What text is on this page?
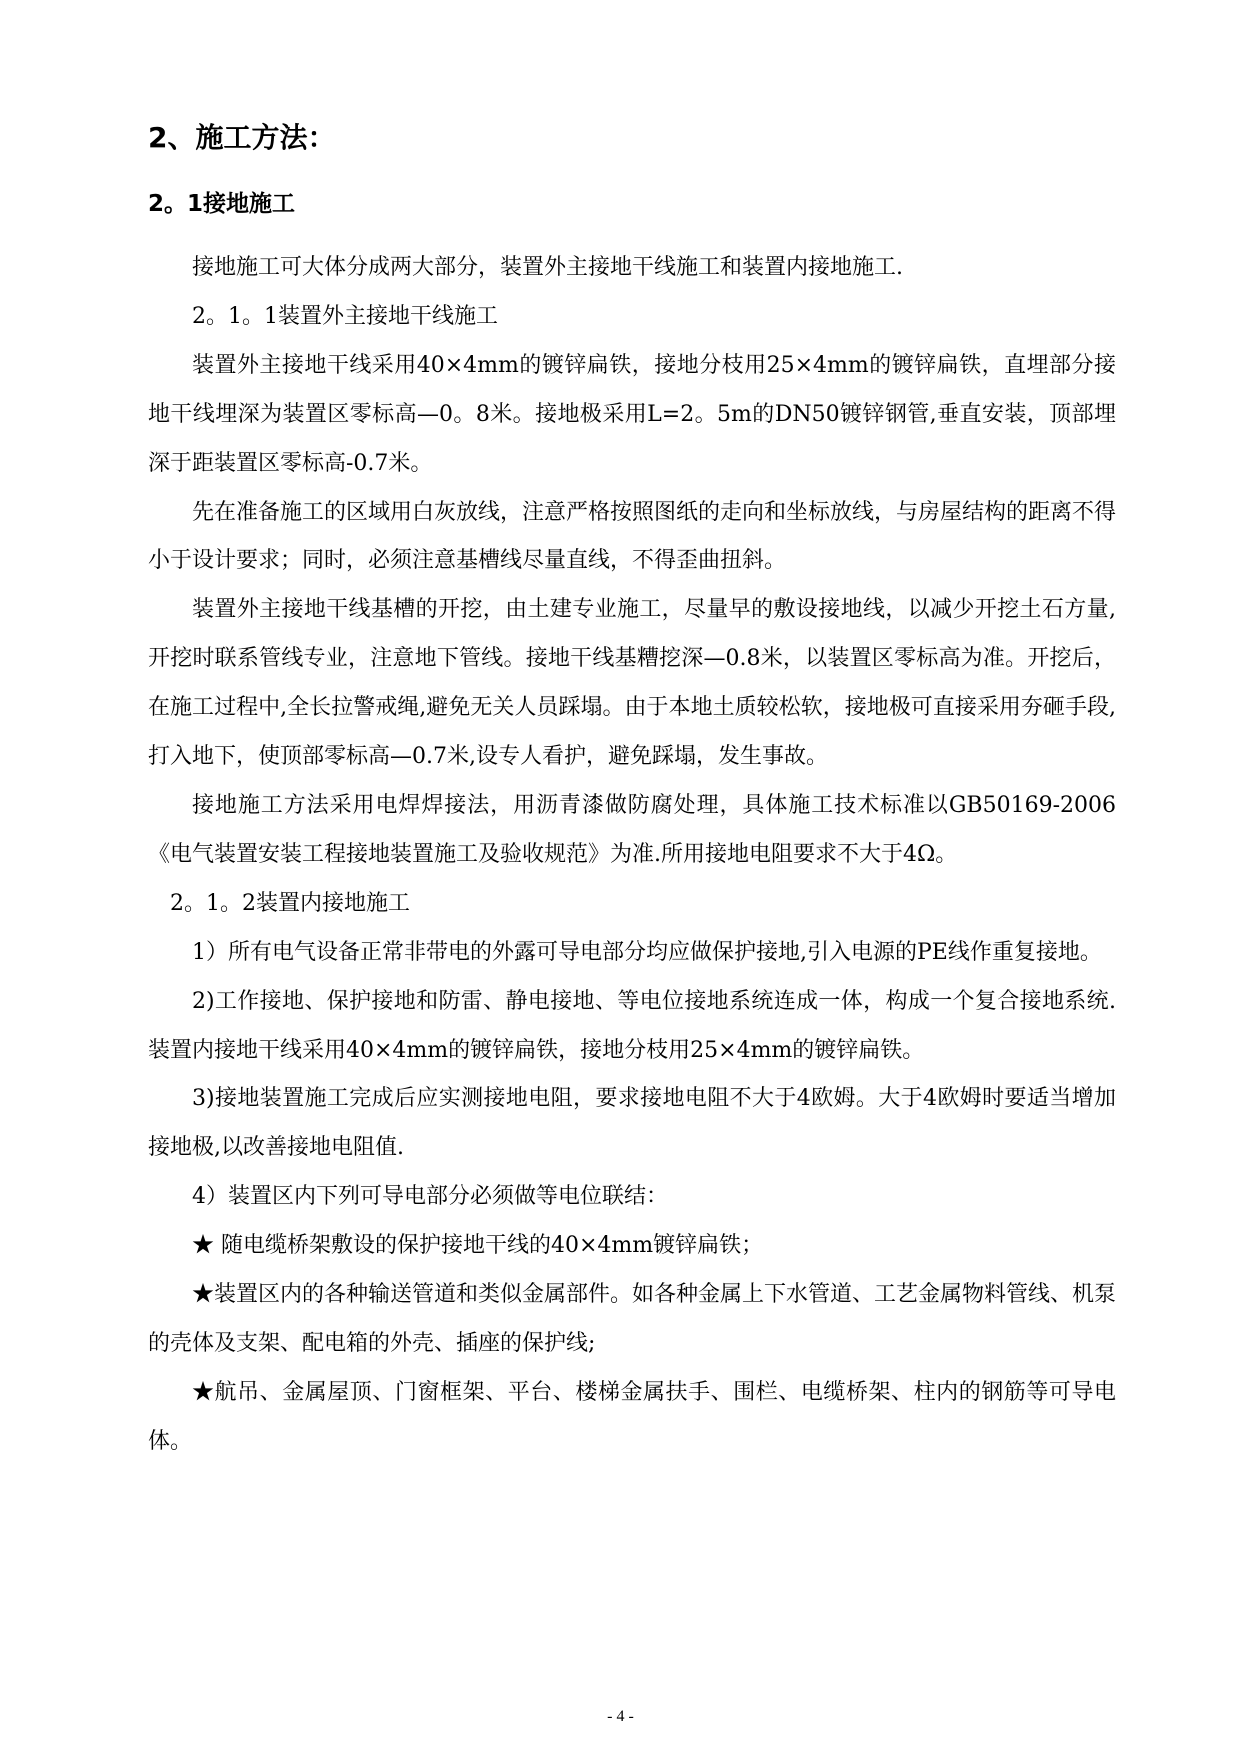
2、施工方法：
2。1接地施工

接地施工可大体分成两大部分，装置外主接地干线施工和装置内接地施工.

2。1。1装置外主接地干线施工

装置外主接地干线采用40×4mm的镀锌扁铁，接地分枝用25×4mm的镀锌扁铁，直埋部分接地干线埋深为装置区零标高—0。8米。接地极采用L=2。5m的DN50镀锌钢管,垂直安装，顶部埋深于距装置区零标高-0.7米。

先在准备施工的区域用白灰放线，注意严格按照图纸的走向和坐标放线，与房屋结构的距离不得小于设计要求；同时，必须注意基槽线尽量直线，不得歪曲扭斜。

装置外主接地干线基槽的开挖，由土建专业施工，尽量早的敷设接地线，以减少开挖土石方量,开挖时联系管线专业，注意地下管线。接地干线基糟挖深—0.8米，以装置区零标高为准。开挖后，在施工过程中,全长拉警戒绳,避免无关人员踩塌。由于本地土质较松软，接地极可直接采用夯砸手段,打入地下，使顶部零标高—0.7米,设专人看护，避免踩塌，发生事故。

接地施工方法采用电焊焊接法，用沥青漆做防腐处理，具体施工技术标准以GB50169-2006《电气装置安装工程接地装置施工及验收规范》为准.所用接地电阻要求不大于4Ω。

2。1。2装置内接地施工

1）所有电气设备正常非带电的外露可导电部分均应做保护接地,引入电源的PE线作重复接地。

2)工作接地、保护接地和防雷、静电接地、等电位接地系统连成一体，构成一个复合接地系统.装置内接地干线采用40×4mm的镀锌扁铁，接地分枝用25×4mm的镀锌扁铁。

3)接地装置施工完成后应实测接地电阻，要求接地电阻不大于4欧姆。大于4欧姆时要适当增加接地极,以改善接地电阻值.

4）装置区内下列可导电部分必须做等电位联结：

★ 随电缆桥架敷设的保护接地干线的40×4mm镀锌扁铁；

★装置区内的各种输送管道和类似金属部件。如各种金属上下水管道、工艺金属物料管线、机泵的壳体及支架、配电箱的外壳、插座的保护线;

★航吊、金属屋顶、门窗框架、平台、楼梯金属扶手、围栏、电缆桥架、柱内的钢筋等可导电体。

- 4 -
